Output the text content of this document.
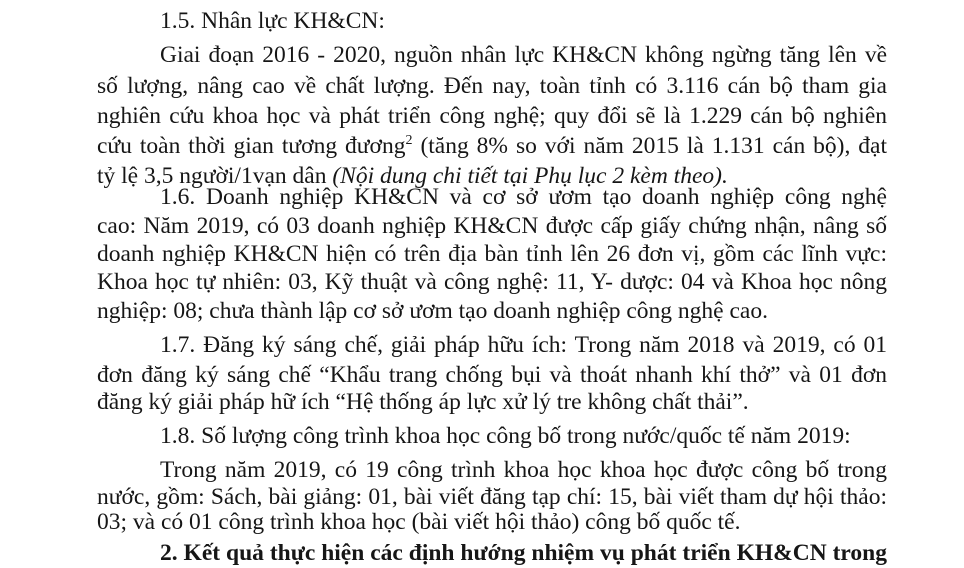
1.5. Nhân lực KH&CN:
Giai đoạn 2016 - 2020, nguồn nhân lực KH&CN không ngừng tăng lên về
số lượng, nâng cao về chất lượng. Đến nay, toàn tỉnh có 3.116 cán bộ tham gia
nghiên cứu khoa học và phát triển công nghệ; quy đổi sẽ là 1.229 cán bộ nghiên
cứu toàn thời gian tương đương$^2$ (tăng 8% so với năm 2015 là 1.131 cán bộ), đạt
tỷ lệ 3,5 người/1vạn dân (Nội dung chi tiết tại Phụ lục 2 kèm theo).
1.6. Doanh nghiệp KH&CN và cơ sở ươm tạo doanh nghiệp công nghệ
cao: Năm 2019, có 03 doanh nghiệp KH&CN được cấp giấy chứng nhận, nâng số
doanh nghiệp KH&CN hiện có trên địa bàn tỉnh lên 26 đơn vị, gồm các lĩnh vực:
Khoa học tự nhiên: 03, Kỹ thuật và công nghệ: 11, Y- dược: 04 và Khoa học nông
nghiệp: 08; chưa thành lập cơ sở ươm tạo doanh nghiệp công nghệ cao.
1.7. Đăng ký sáng chế, giải pháp hữu ích: Trong năm 2018 và 2019, có 01
đơn đăng ký sáng chế “Khẩu trang chống bụi và thoát nhanh khí thở” và 01 đơn
đăng ký giải pháp hữ ích “Hệ thống áp lực xử lý tre không chất thải”.
1.8. Số lượng công trình khoa học công bố trong nước/quốc tế năm 2019:
Trong năm 2019, có 19 công trình khoa học khoa học được công bố trong
nước, gồm: Sách, bài giảng: 01, bài viết đăng tạp chí: 15, bài viết tham dự hội thảo:
03; và có 01 công trình khoa học (bài viết hội thảo) công bố quốc tế.
2. Kết quả thực hiện các định hướng nhiệm vụ phát triển KH&CN trong
